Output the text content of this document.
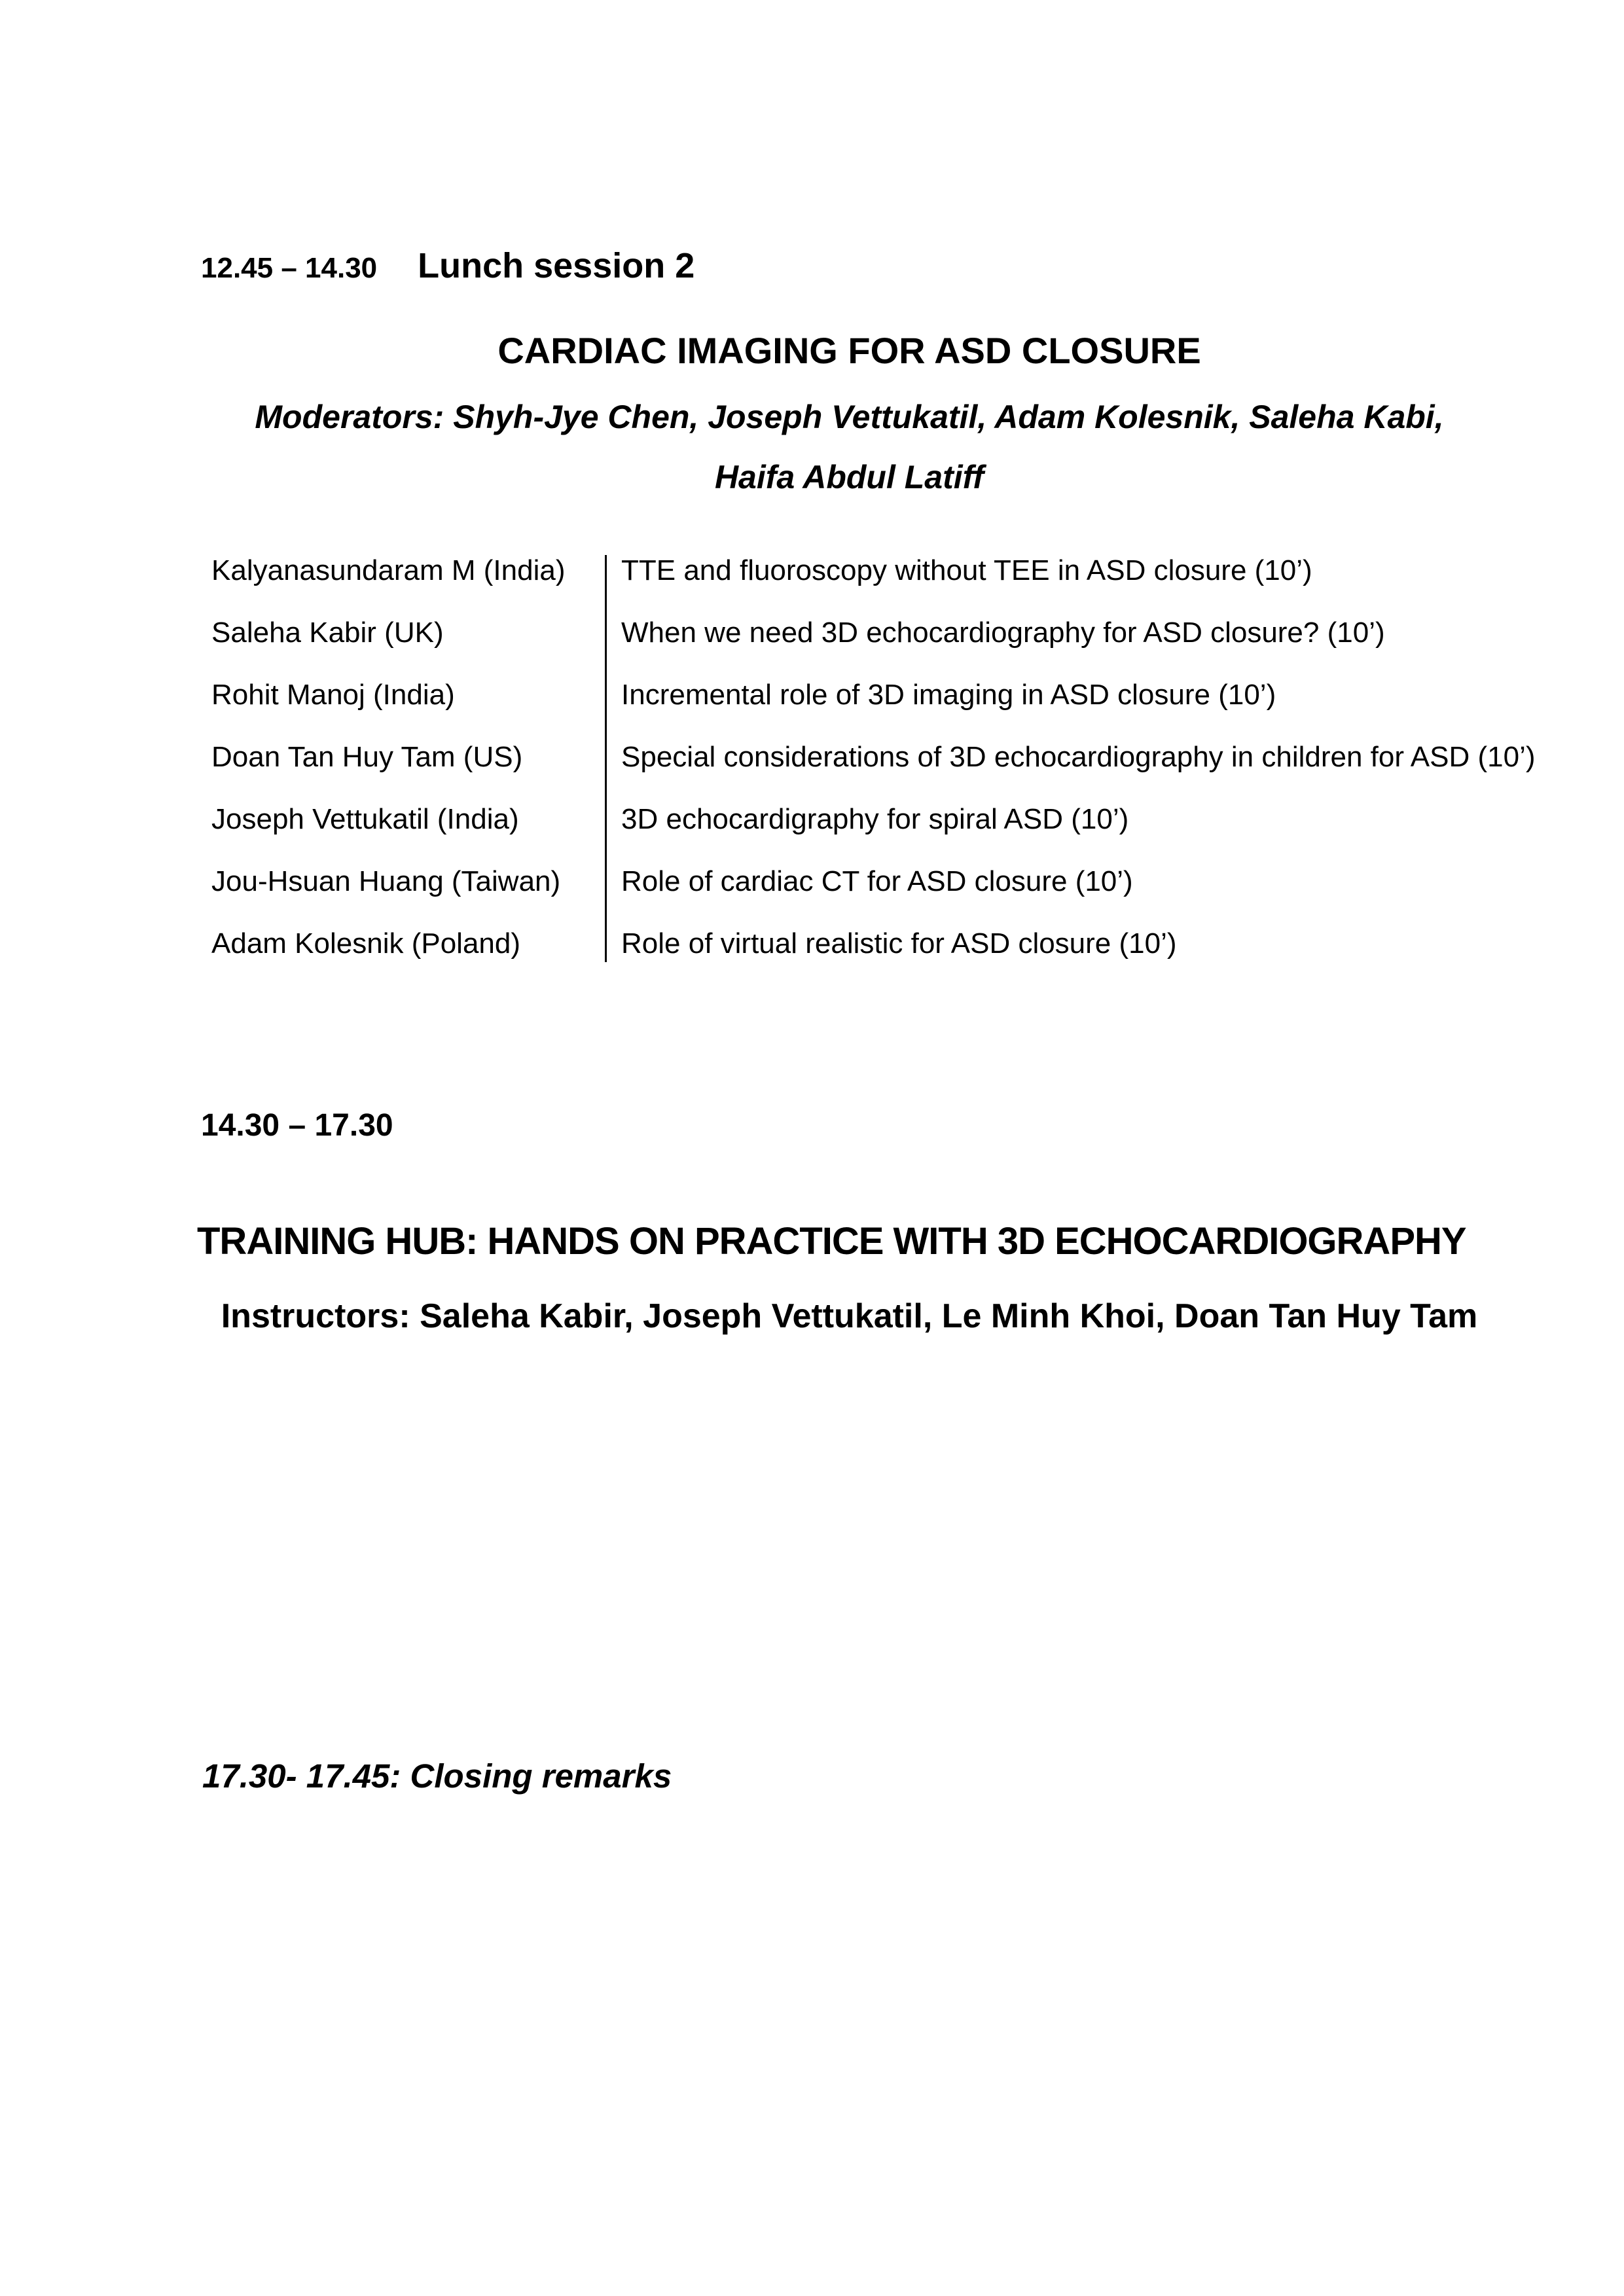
12.45 – 14.30 Lunch session 2
CARDIAC IMAGING FOR ASD CLOSURE
Moderators: Shyh-Jye Chen, Joseph Vettukatil, Adam Kolesnik, Saleha Kabi,
Haifa Abdul Latiff
Kalyanasundaram M (India)
Saleha Kabir (UK)
Rohit Manoj (India)
Doan Tan Huy Tam (US)
Joseph Vettukatil (India)
Jou-Hsuan Huang (Taiwan)
Adam Kolesnik (Poland)
TTE and fluoroscopy without TEE in ASD closure (10’)
When we need 3D echocardiography for ASD closure? (10’)
Incremental role of 3D imaging in ASD closure (10’)
Special considerations of 3D echocardiography in children for ASD (10’)
3D echocardigraphy for spiral ASD (10’)
Role of cardiac CT for ASD closure (10’)
Role of virtual realistic for ASD closure (10’)
14.30 – 17.30
TRAINING HUB: HANDS ON PRACTICE WITH 3D ECHOCARDIOGRAPHY
Instructors: Saleha Kabir, Joseph Vettukatil, Le Minh Khoi, Doan Tan Huy Tam
17.30- 17.45: Closing remarks
